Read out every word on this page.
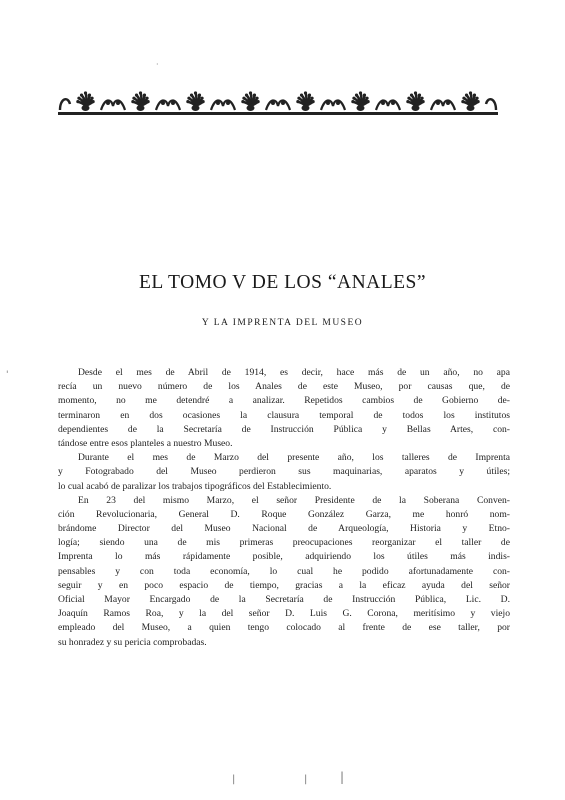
EL TOMO V DE LOS “ANALES”
Y LA IMPRENTA DEL MUSEO

Desde el mes de Abril de 1914, es decir, hace más de un año, no apa
recía un nuevo número de los Anales de este Museo, por causas que, de
momento, no me detendré a analizar. Repetidos cambios de Gobierno de-
terminaron en dos ocasiones la clausura temporal de todos los institutos
dependientes de la Secretaría de Instrucción Pública y Bellas Artes, con-
tándose entre esos planteles a nuestro Museo.

Durante el mes de Marzo del presente año, los talleres de Imprenta
y Fotograbado del Museo perdieron sus maquinarias, aparatos y útiles;
lo cual acabó de paralizar los trabajos tipográficos del Establecimiento.

En 23 del mismo Marzo, el señor Presidente de la Soberana Conven-
ción Revolucionaria, General D. Roque González Garza, me honró nom-
brándome Director del Museo Nacional de Arqueología, Historia y Etno-
logía; siendo una de mis primeras preocupaciones reorganizar el taller de
Imprenta lo más rápidamente posible, adquiriendo los útiles más indis-
pensables y con toda economía, lo cual he podido afortunadamente con-
seguir y en poco espacio de tiempo, gracias a la eficaz ayuda del señor
Oficial Mayor Encargado de la Secretaría de Instrucción Pública, Lic. D.
Joaquín Ramos Roa, y la del señor D. Luis G. Corona, meritísimo y viejo
empleado del Museo, a quien tengo colocado al frente de ese taller, por
su honradez y su pericia comprobadas.

|	|	|
·
'
